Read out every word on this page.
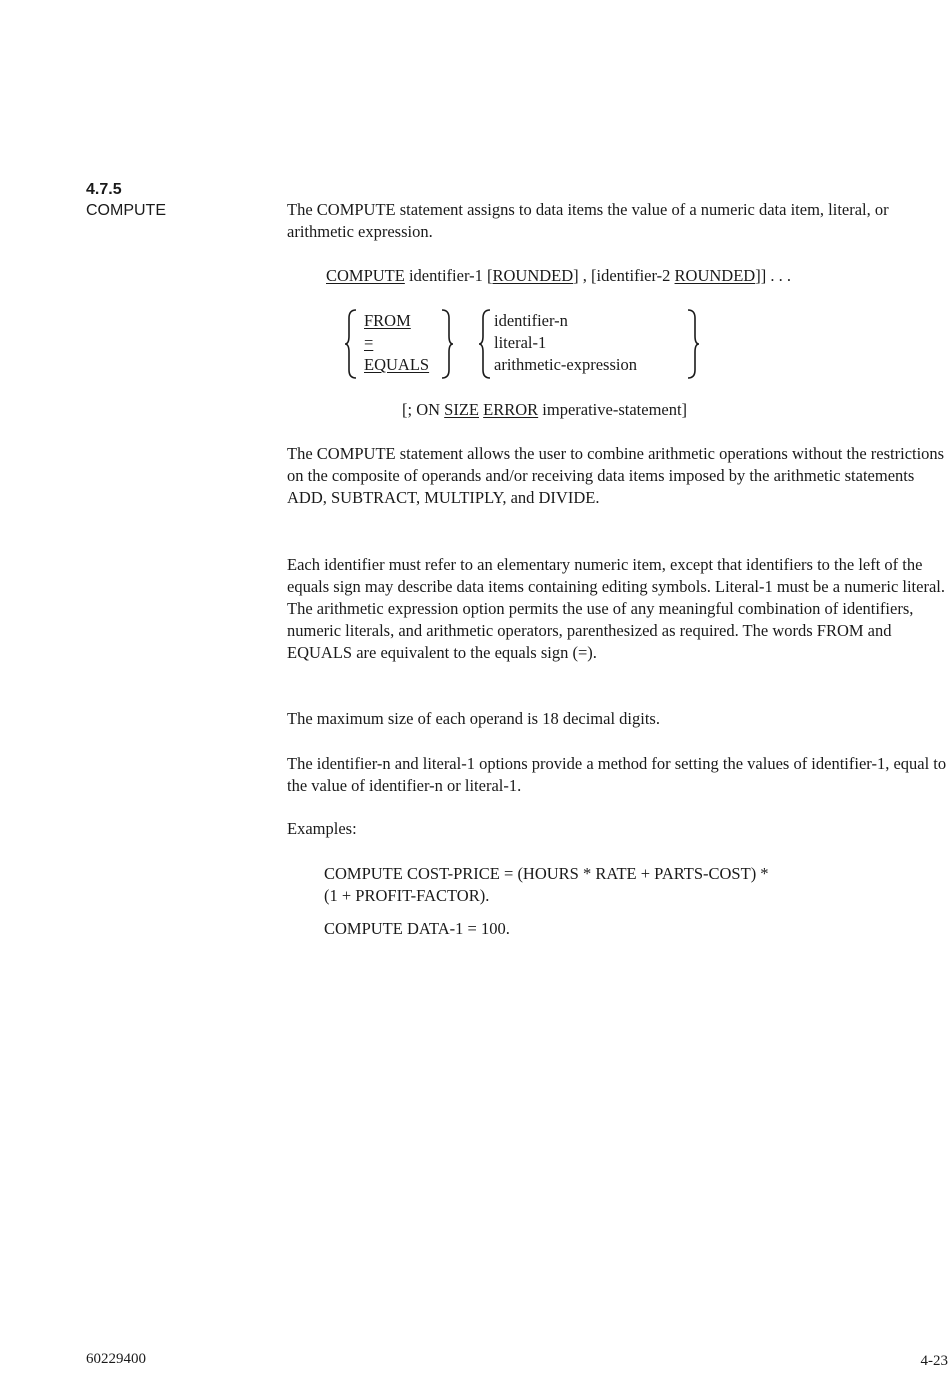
4.7.5
COMPUTE	The COMPUTE statement assigns to data items the value of a numeric data item, literal, or arithmetic expression.

COMPUTE identifier-1 [ROUNDED] , [identifier-2 ROUNDED]] . . .
FROM
=
EQUALS
identifier-n
literal-1
arithmetic-expression
[; ON SIZE ERROR imperative-statement]

The COMPUTE statement allows the user to combine arithmetic operations without the restrictions on the composite of operands and/or receiving data items imposed by the arithmetic statements ADD, SUBTRACT, MULTIPLY, and DIVIDE.

Each identifier must refer to an elementary numeric item, except that identifiers to the left of the equals sign may describe data items containing editing symbols. Literal-1 must be a numeric literal. The arithmetic expression option permits the use of any meaningful combination of identifiers, numeric literals, and arithmetic operators, parenthesized as required. The words FROM and EQUALS are equivalent to the equals sign (=).

The maximum size of each operand is 18 decimal digits.

The identifier-n and literal-1 options provide a method for setting the values of identifier-1, equal to the value of identifier-n or literal-1.

Examples:

COMPUTE COST-PRICE = (HOURS * RATE + PARTS-COST) *

(1 + PROFIT-FACTOR).

COMPUTE DATA-1 = 100.

60229400	4-23
